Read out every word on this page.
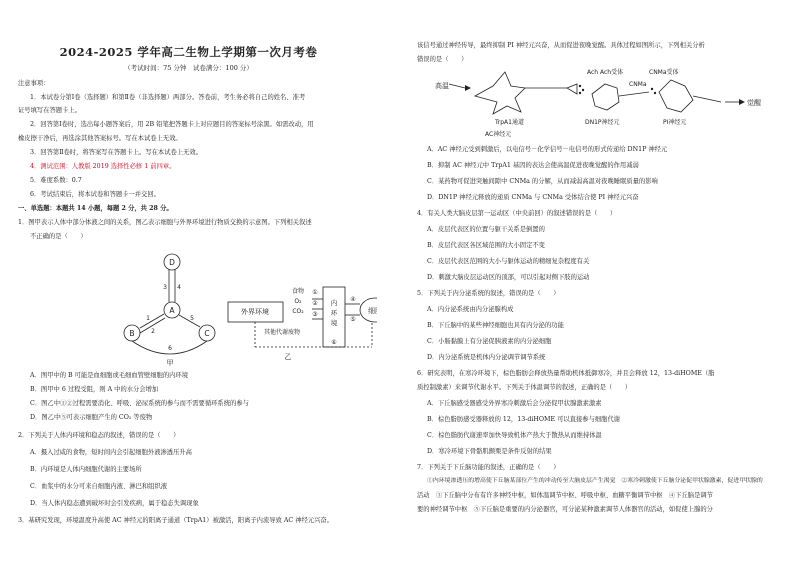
2024-2025 学年高二生物上学期第一次月考卷
（考试时间：75 分钟　试卷满分：100 分）
注意事项：
1．本试卷分第Ⅰ卷（选择题）和第Ⅱ卷（非选择题）两部分。答卷前，考生务必将自己的姓名、准考
证号填写在答题卡上。
2．回答第Ⅰ卷时，选出每小题答案后，用 2B 铅笔把答题卡上对应题目的答案标号涂黑。如需改动，用
橡皮擦干净后，再选涂其他答案标号。写在本试卷上无效。
3．回答第Ⅱ卷时，将答案写在答题卡上。写在本试卷上无效。
4．测试范围：人教版 2019 选择性必修 1 前四章。
5．难度系数：0.7
6．考试结束后，将本试卷和答题卡一并交回。
一、单选题：本题共 14 小题，每题 2 分，共 28 分。
1．图甲表示人体中部分体液之间的关系，图乙表示细胞与外界环境进行物质交换的示意图。下列相关叙述
不正确的是（　　）
D
A
B	C
3 4
1
2
5
6
甲
外界环境
内
环
境
细胞
食物
O₂
CO₂
①
②
③
④
⑤
⑥
其他代谢废物
乙
A．图甲中的 B 可能是血细胞或毛细血管壁细胞的内环境
B．图甲中 6 过程受阻，则 A 中的水分会增加
C．图乙中①②过程需要消化、呼吸、泌尿系统的参与而不需要循环系统的参与
D．图乙中⑤可表示细胞产生的 CO₂ 等废物
2．下列关于人体内环境和稳态的叙述，错误的是（　　）
A．摄入过咸的食物，短时间内会引起细胞外液渗透压升高
B．内环境是人体内细胞代谢的主要场所
C．血浆中的水分可来自细胞内液、淋巴和组织液
D．当人体内稳态遭到破坏时会引发疾病，属于稳态失调现象
3．基研究发现，环境温度升高使 AC 神经元的阳离子通道（TrpA1）被激活，阳离子内流导致 AC 神经元兴奋。
该信号通过神经传导，最终抑制 PI 神经元兴奋，从而促进夜晚觉醒。具体过程如图所示，下列相关分析
错误的是（　　）
高温
Ach Ach受体	CNMa受体
CNMa
TrpA1通道
AC神经元
DN1P神经元	PI神经元
觉醒
A．AC 神经元受到刺激后，以电信号－化学信号－电信号的形式传递给 DN1P 神经元
B．抑制 AC 神经元中 TrpA1 基因的表达会使高温促进夜晚觉醒的作用减弱
C．某药物可促进突触间隙中 CNMa 的分解，从而减弱高温对夜晚睡眠质量的影响
D．DN1P 神经元释放的递质 CNMa 与 CNMa 受体结合使 PI 神经元兴奋
4．有关人类大脑皮层第一运动区（中央前回）的叙述错误的是（　　）
A．皮层代表区的位置与躯干关系是倒置的
B．皮层代表区各区域范围的大小固定不变
C．皮层代表区范围的大小与躯体运动的精细复杂程度有关
D．刺激大脑皮层运动区的顶部，可以引起对侧下肢的运动
5．下列关于内分泌系统的叙述，错误的是（　　）
A．内分泌系统由内分泌腺构成
B．下丘脑中的某些神经细胞也具有内分泌的功能
C．小肠黏膜上有分泌促胰液素的内分泌细胞
D．内分泌系统是机体内分泌调节调节系统
6．研究表明，在寒冷环境下，棕色脂肪会释放热量帮助机体抵御寒冷，并且会释放 12，13-diHOME（脂
质控制激素）来调节代谢水平。下列关于体温调节的叙述，正确的是（　　）
A．下丘脑感受器感受外界寒冷刺激后会分泌促甲状腺激素激素
B．棕色脂肪感受器释放的 12，13-diHOME 可以直接参与细胞代谢
C．棕色脂肪代谢速率加快导致机体产热大于散热从而维持体温
D．寒冷环境下骨骼肌颤栗是条件反射的结果
7．下列关于下丘脑功能的叙述，正确的是（　　）
①内环境渗透压的增高使下丘脑某部位产生的冲动传至大脑皮层产生渴觉　②寒冷刺激使下丘脑分泌促甲状腺激素，促进甲状腺的
活动　③下丘脑中分布有许多神经中枢，如体温调节中枢、呼吸中枢、血糖平衡调节中枢　④下丘脑是调节
要的神经调节中枢　⑤下丘脑是重要的内分泌器官，可分泌某种激素调节人体器官的活动，如促使上腺的分
